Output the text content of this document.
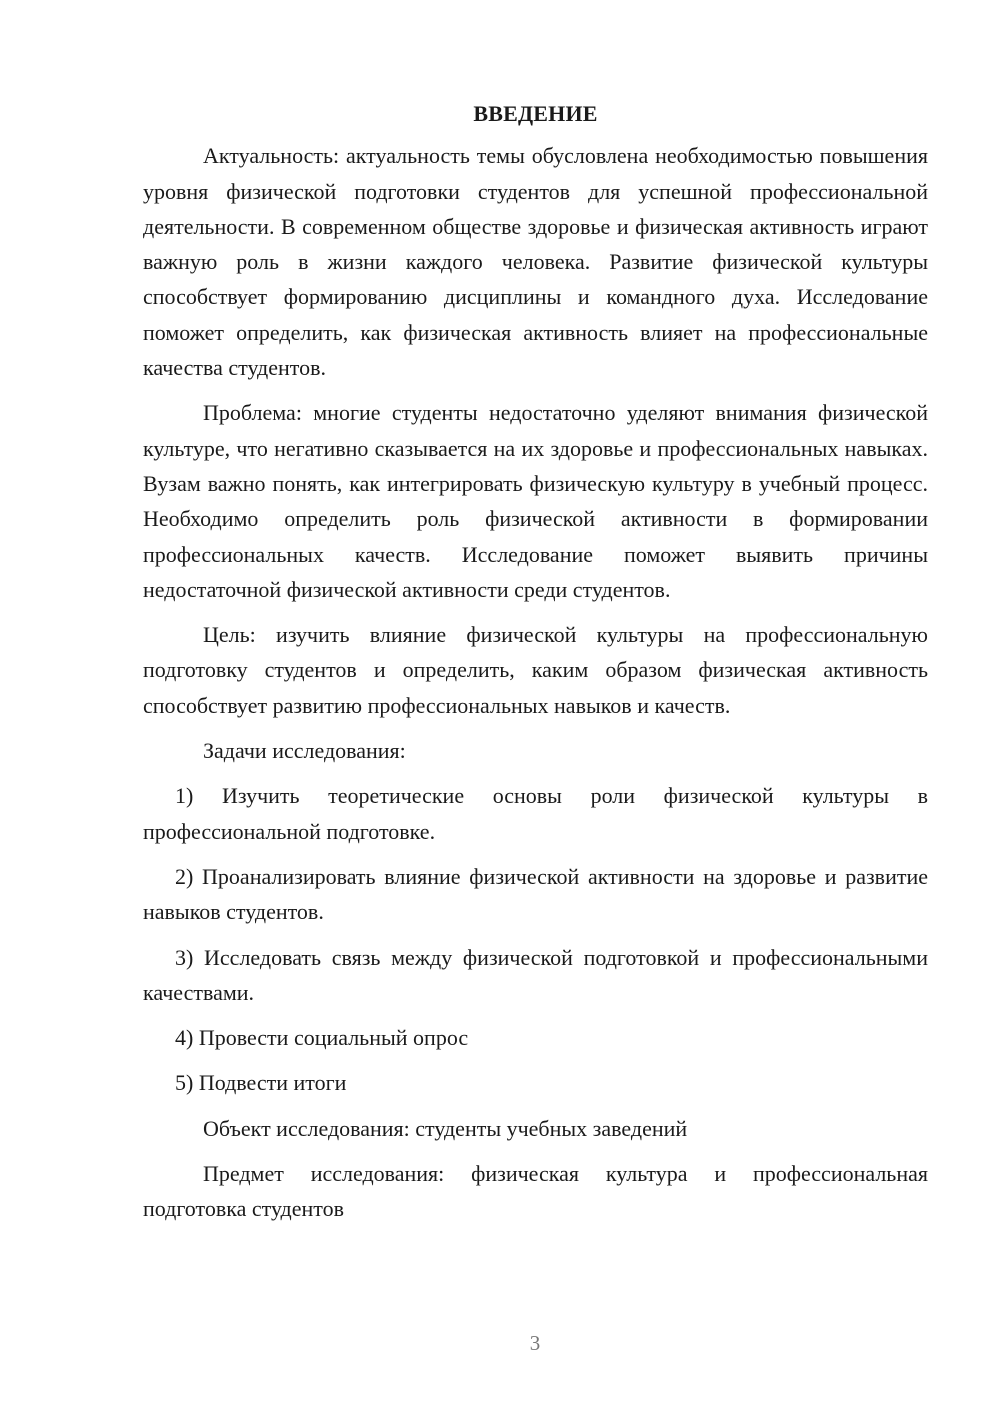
ВВЕДЕНИЕ

Актуальность: актуальность темы обусловлена необходимостью повышения уровня физической подготовки студентов для успешной профессиональной деятельности. В современном обществе здоровье и физическая активность играют важную роль в жизни каждого человека. Развитие физической культуры способствует формированию дисциплины и командного духа. Исследование поможет определить, как физическая активность влияет на профессиональные качества студентов.

Проблема: многие студенты недостаточно уделяют внимания физической культуре, что негативно сказывается на их здоровье и профессиональных навыках. Вузам важно понять, как интегрировать физическую культуру в учебный процесс. Необходимо определить роль физической активности в формировании профессиональных качеств. Исследование поможет выявить причины недостаточной физической активности среди студентов.

Цель: изучить влияние физической культуры на профессиональную подготовку студентов и определить, каким образом физическая активность способствует развитию профессиональных навыков и качеств.

Задачи исследования:

1) Изучить теоретические основы роли физической культуры в профессиональной подготовке.

2) Проанализировать влияние физической активности на здоровье и развитие навыков студентов.

3) Исследовать связь между физической подготовкой и профессиональными качествами.

4) Провести социальный опрос

5) Подвести итоги

Объект исследования: студенты учебных заведений

Предмет исследования: физическая культура и профессиональная подготовка студентов

3
